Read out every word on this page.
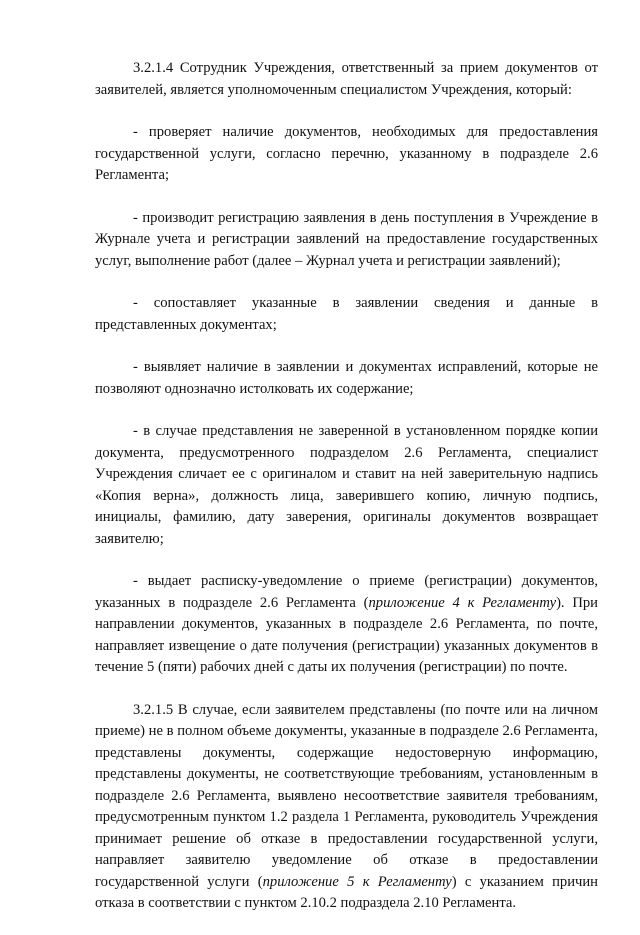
3.2.1.4 Сотрудник Учреждения, ответственный за прием документов от заявителей, является уполномоченным специалистом Учреждения, который:

- проверяет наличие документов, необходимых для предоставления государственной услуги, согласно перечню, указанному в подразделе 2.6 Регламента;

- производит регистрацию заявления в день поступления в Учреждение в Журнале учета и регистрации заявлений на предоставление государственных услуг, выполнение работ (далее – Журнал учета и регистрации заявлений);

- сопоставляет указанные в заявлении сведения и данные в представленных документах;

- выявляет наличие в заявлении и документах исправлений, которые не позволяют однозначно истолковать их содержание;

- в случае представления не заверенной в установленном порядке копии документа, предусмотренного подразделом 2.6 Регламента, специалист Учреждения сличает ее с оригиналом и ставит на ней заверительную надпись «Копия верна», должность лица, заверившего копию, личную подпись, инициалы, фамилию, дату заверения, оригиналы документов возвращает заявителю;

- выдает расписку-уведомление о приеме (регистрации) документов, указанных в подразделе 2.6 Регламента (приложение 4 к Регламенту). При направлении документов, указанных в подразделе 2.6 Регламента, по почте, направляет извещение о дате получения (регистрации) указанных документов в течение 5 (пяти) рабочих дней с даты их получения (регистрации) по почте.

3.2.1.5 В случае, если заявителем представлены (по почте или на личном приеме) не в полном объеме документы, указанные в подразделе 2.6 Регламента, представлены документы, содержащие недостоверную информацию, представлены документы, не соответствующие требованиям, установленным в подразделе 2.6 Регламента, выявлено несоответствие заявителя требованиям, предусмотренным пунктом 1.2 раздела 1 Регламента, руководитель Учреждения принимает решение об отказе в предоставлении государственной услуги, направляет заявителю уведомление об отказе в предоставлении государственной услуги (приложение 5 к Регламенту) с указанием причин отказа в соответствии с пунктом 2.10.2 подраздела 2.10 Регламента.
